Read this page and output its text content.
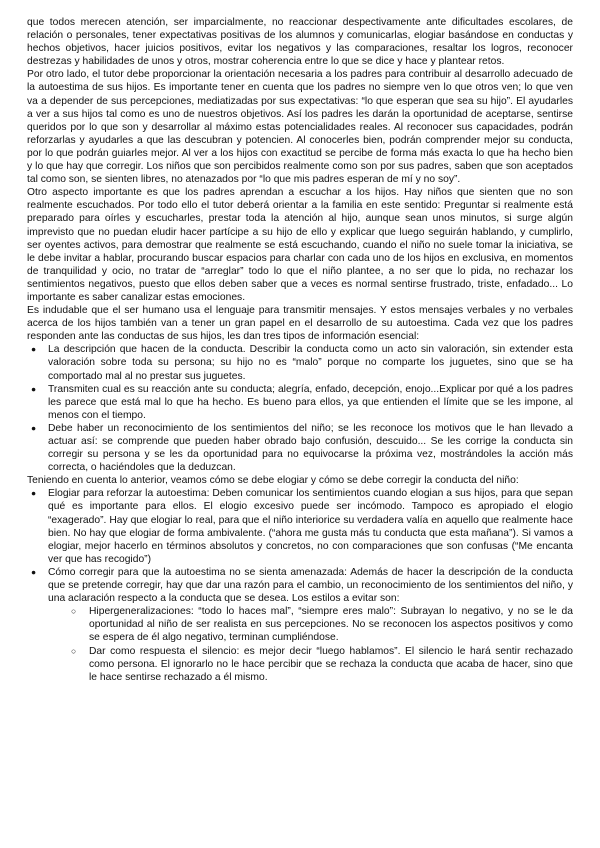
que todos merecen atención, ser imparcialmente, no reaccionar despectivamente ante dificultades escolares, de relación o personales, tener expectativas positivas de los alumnos y comunicarlas, elogiar basándose en conductas y hechos objetivos, hacer juicios positivos, evitar los negativos y las comparaciones, resaltar los logros, reconocer destrezas y habilidades de unos y otros, mostrar coherencia entre lo que se dice y hace y plantear retos.

Por otro lado, el tutor debe proporcionar la orientación necesaria a los padres para contribuir al desarrollo adecuado de la autoestima de sus hijos. Es importante tener en cuenta que los padres no siempre ven lo que otros ven; lo que ven va a depender de sus percepciones, mediatizadas por sus expectativas: “lo que esperan que sea su hijo”. El ayudarles a ver a sus hijos tal como es uno de nuestros objetivos. Así los padres les darán la oportunidad de aceptarse, sentirse queridos por lo que son y desarrollar al máximo estas potencialidades reales. Al reconocer sus capacidades, podrán reforzarlas y ayudarles a que las descubran y potencien. Al conocerles bien, podrán comprender mejor su conducta, por lo que podrán guiarles mejor. Al ver a los hijos con exactitud se percibe de forma más exacta lo que ha hecho bien y lo que hay que corregir. Los niños que son percibidos realmente como son por sus padres, saben que son aceptados tal como son, se sienten libres, no atenazados por “lo que mis padres esperan de mí y no soy”.

Otro aspecto importante es que los padres aprendan a escuchar a los hijos. Hay niños que sienten que no son realmente escuchados. Por todo ello el tutor deberá orientar a la familia en este sentido: Preguntar si realmente está preparado para oírles y escucharles, prestar toda la atención al hijo, aunque sean unos minutos, si surge algún imprevisto que no puedan eludir hacer partícipe a su hijo de ello y explicar que luego seguirán hablando, y cumplirlo, ser oyentes activos, para demostrar que realmente se está escuchando, cuando el niño no suele tomar la iniciativa, se le debe invitar a hablar, procurando buscar espacios para charlar con cada uno de los hijos en exclusiva, en momentos de tranquilidad y ocio, no tratar de “arreglar” todo lo que el niño plantee, a no ser que lo pida, no rechazar los sentimientos negativos, puesto que ellos deben saber que a veces es normal sentirse frustrado, triste, enfadado... Lo importante es saber canalizar estas emociones.

Es indudable que el ser humano usa el lenguaje para transmitir mensajes. Y estos mensajes verbales y no verbales acerca de los hijos también van a tener un gran papel en el desarrollo de su autoestima. Cada vez que los padres responden ante las conductas de sus hijos, les dan tres tipos de información esencial:

● La descripción que hacen de la conducta. Describir la conducta como un acto sin valoración, sin extender esta valoración sobre toda su persona; su hijo no es “malo” porque no comparte los juguetes, sino que se ha comportado mal al no prestar sus juguetes.
● Transmiten cual es su reacción ante su conducta; alegría, enfado, decepción, enojo...Explicar por qué a los padres les parece que está mal lo que ha hecho. Es bueno para ellos, ya que entienden el límite que se les impone, al menos con el tiempo.
● Debe haber un reconocimiento de los sentimientos del niño; se les reconoce los motivos que le han llevado a actuar así: se comprende que pueden haber obrado bajo confusión, descuido... Se les corrige la conducta sin corregir su persona y se les da oportunidad para no equivocarse la próxima vez, mostrándoles la acción más correcta, o haciéndoles que la deduzcan.

Teniendo en cuenta lo anterior, veamos cómo se debe elogiar y cómo se debe corregir la conducta del niño:

● Elogiar para reforzar la autoestima: Deben comunicar los sentimientos cuando elogian a sus hijos, para que sepan qué es importante para ellos. El elogio excesivo puede ser incómodo. Tampoco es apropiado el elogio “exagerado”. Hay que elogiar lo real, para que el niño interiorice su verdadera valía en aquello que realmente hace bien. No hay que elogiar de forma ambivalente. (“ahora me gusta más tu conducta que esta mañana”). Si vamos a elogiar, mejor hacerlo en términos absolutos y concretos, no con comparaciones que son confusas (“Me encanta ver que has recogido”)
● Cómo corregir para que la autoestima no se sienta amenazada: Además de hacer la descripción de la conducta que se pretende corregir, hay que dar una razón para el cambio, un reconocimiento de los sentimientos del niño, y una aclaración respecto a la conducta que se desea. Los estilos a evitar son:
○ Hipergeneralizaciones: “todo lo haces mal”, “siempre eres malo”: Subrayan lo negativo, y no se le da oportunidad al niño de ser realista en sus percepciones. No se reconocen los aspectos positivos y como se espera de él algo negativo, terminan cumpliéndose.
○ Dar como respuesta el silencio: es mejor decir “luego hablamos”. El silencio le hará sentir rechazado como persona. El ignorarlo no le hace percibir que se rechaza la conducta que acaba de hacer, sino que le hace sentirse rechazado a él mismo.
